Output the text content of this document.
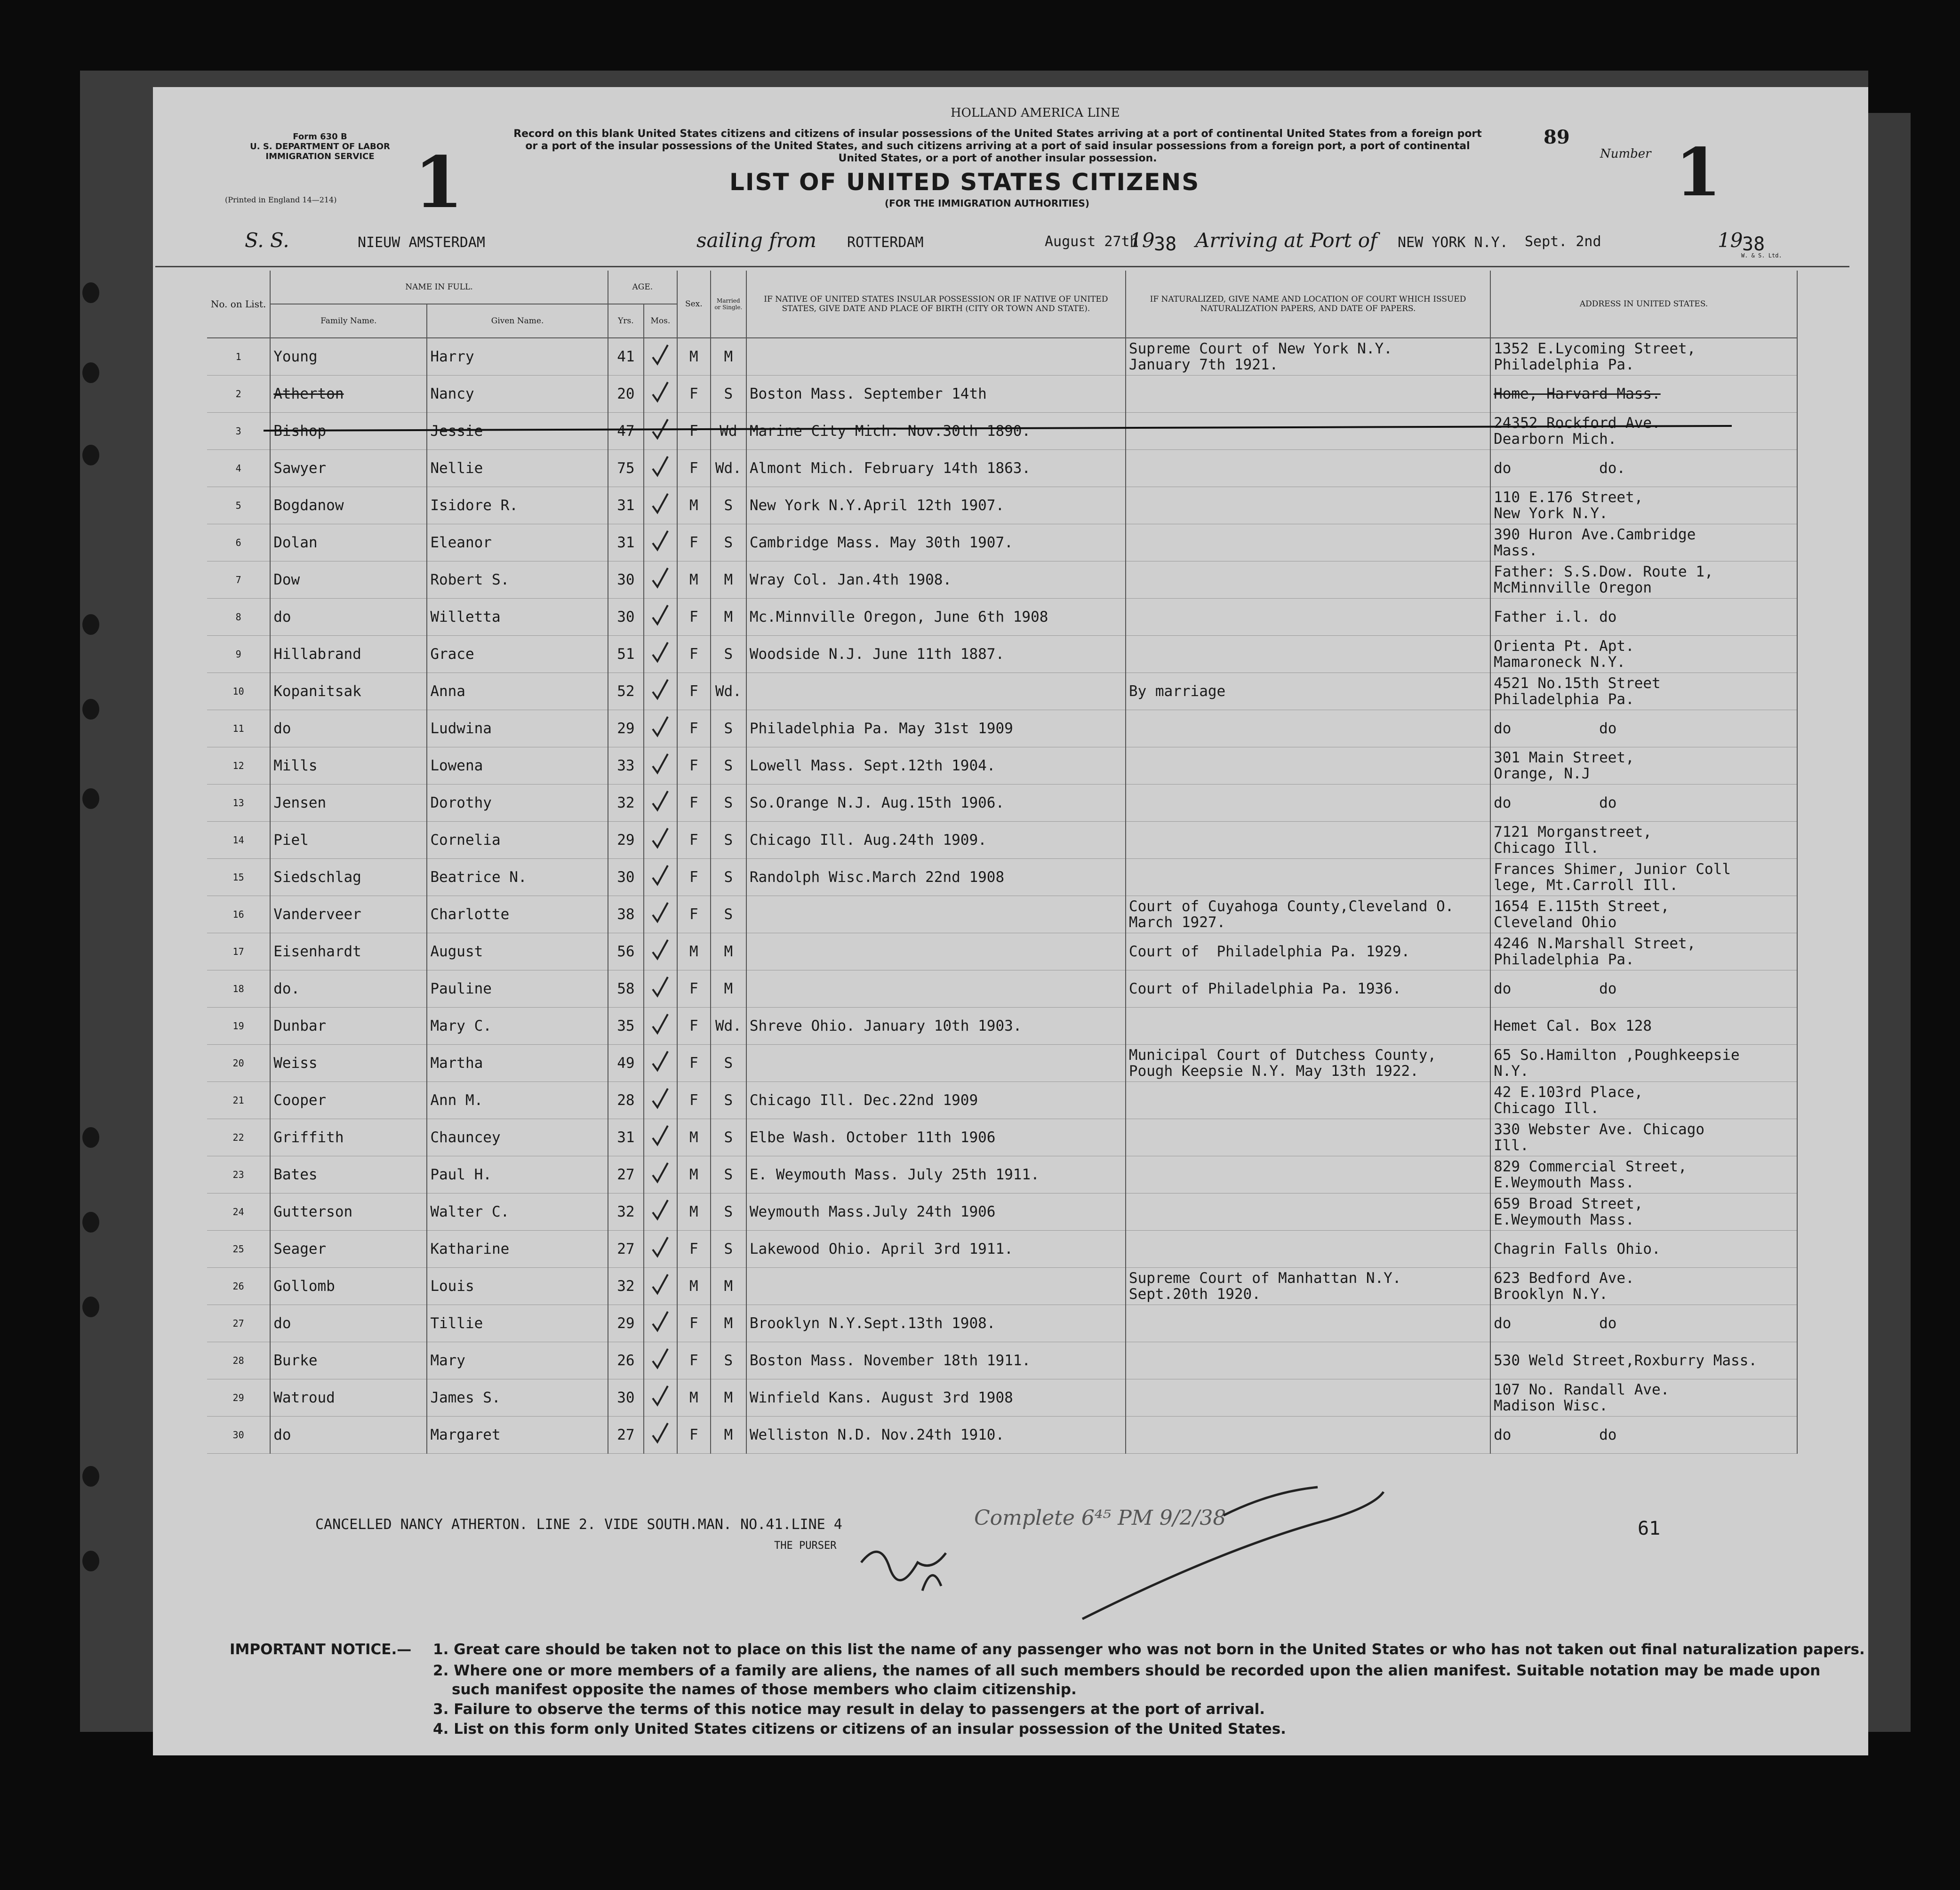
HOLLAND AMERICA LINE
Form 630 B
U. S. DEPARTMENT OF LABOR
IMMIGRATION SERVICE
(Printed in England 14—214) 1
Record on this blank United States citizens and citizens of insular possessions of the United States arriving at a port of continental United States from a foreign port or a port of the insular possessions of the United States, and such citizens arriving at a port of said insular possessions from a foreign port, a port of continental United States, or a port of another insular possession.
LIST OF UNITED STATES CITIZENS
(FOR THE IMMIGRATION AUTHORITIES)
89
Number 1
S. S.	NIEUW AMSTERDAM	sailing from ROTTERDAM	August 27th
19
38 Arriving at Port of NEW YORK N.Y. Sept. 2nd	19
38
W. & S. Ltd.
No. on List.	NAME IN FULL.		AGE.		Sex.	Married or Single.	IF NATIVE OF UNITED STATES INSULAR POSSESSION OR IF NATIVE OF UNITED STATES, GIVE DATE AND PLACE OF BIRTH (CITY OR TOWN AND STATE).	IF NATURALIZED, GIVE NAME AND LOCATION OF COURT WHICH ISSUED NATURALIZATION PAPERS, AND DATE OF PAPERS.	ADDRESS IN UNITED STATES.
	Family Name.	Given Name.	Yrs.	Mos.					
1	Young	Harry	41		M	M		Supreme Court of New York N.Y.
January 7th 1921.	1352 E.Lycoming Street,
Philadelphia Pa.
2	Atherton	Nancy	20		F	S	Boston Mass. September 14th		Home, Harvard Mass.
3	Bishop	Jessie	47		F	Wd	Marine City Mich. Nov.30th 1890.		24352 Rockford Ave.
Dearborn Mich.
4	Sawyer	Nellie	75		F	Wd.	Almont Mich. February 14th 1863.		do          do.
5	Bogdanow	Isidore R.	31		M	S	New York N.Y.April 12th 1907.		110 E.176 Street,
New York N.Y.
6	Dolan	Eleanor	31		F	S	Cambridge Mass. May 30th 1907.		390 Huron Ave.Cambridge
Mass.
7	Dow	Robert S.	30		M	M	Wray Col. Jan.4th 1908.		Father: S.S.Dow. Route 1,
McMinnville Oregon
8	do	Willetta	30		F	M	Mc.Minnville Oregon, June 6th 1908		Father i.l. do
9	Hillabrand	Grace	51		F	S	Woodside N.J. June 11th 1887.		Orienta Pt. Apt.
Mamaroneck N.Y.
10	Kopanitsak	Anna	52		F	Wd.		By marriage	4521 No.15th Street
Philadelphia Pa.
11	do	Ludwina	29		F	S	Philadelphia Pa. May 31st 1909		do          do
12	Mills	Lowena	33		F	S	Lowell Mass. Sept.12th 1904.		301 Main Street,
Orange, N.J
13	Jensen	Dorothy	32		F	S	So.Orange N.J. Aug.15th 1906.		do          do
14	Piel	Cornelia	29		F	S	Chicago Ill. Aug.24th 1909.		7121 Morganstreet,
Chicago Ill.
15	Siedschlag	Beatrice N.	30		F	S	Randolph Wisc.March 22nd 1908		Frances Shimer, Junior Coll
lege, Mt.Carroll Ill.
16	Vanderveer	Charlotte	38		F	S		Court of Cuyahoga County,Cleveland O.
March 1927.	1654 E.115th Street,
Cleveland Ohio
17	Eisenhardt	August	56		M	M		Court of  Philadelphia Pa. 1929.	4246 N.Marshall Street,
Philadelphia Pa.
18	do.	Pauline	58		F	M		Court of Philadelphia Pa. 1936.	do          do
19	Dunbar	Mary C.	35		F	Wd.	Shreve Ohio. January 10th 1903.		Hemet Cal. Box 128
20	Weiss	Martha	49		F	S		Municipal Court of Dutchess County,
Pough Keepsie N.Y. May 13th 1922.	65 So.Hamilton ,Poughkeepsie
N.Y.
21	Cooper	Ann M.	28		F	S	Chicago Ill. Dec.22nd 1909		42 E.103rd Place,
Chicago Ill.
22	Griffith	Chauncey	31		M	S	Elbe Wash. October 11th 1906		330 Webster Ave. Chicago
Ill.
23	Bates	Paul H.	27		M	S	E. Weymouth Mass. July 25th 1911.		829 Commercial Street,
E.Weymouth Mass.
24	Gutterson	Walter C.	32		M	S	Weymouth Mass.July 24th 1906		659 Broad Street,
E.Weymouth Mass.
25	Seager	Katharine	27		F	S	Lakewood Ohio. April 3rd 1911.		Chagrin Falls Ohio.
26	Gollomb	Louis	32		M	M		Supreme Court of Manhattan N.Y.
Sept.20th 1920.	623 Bedford Ave.
Brooklyn N.Y.
27	do	Tillie	29		F	M	Brooklyn N.Y.Sept.13th 1908.		do          do
28	Burke	Mary	26		F	S	Boston Mass. November 18th 1911.		530 Weld Street,Roxburry Mass.
29	Watroud	James S.	30		M	M	Winfield Kans. August 3rd 1908		107 No. Randall Ave.
Madison Wisc.
30	do	Margaret	27		F	M	Welliston N.D. Nov.24th 1910.		do          do
CANCELLED NANCY ATHERTON. LINE 2. VIDE SOUTH.MAN. NO.41.LINE 4
THE PURSER
Complete 6⁴⁵ PM 9/2/38	61
IMPORTANT NOTICE.— 1. Great care should be taken not to place on this list the name of any passenger who was not born in the United States or who has not taken out final naturalization papers.
2. Where one or more members of a family are aliens, the names of all such members should be recorded upon the alien manifest. Suitable notation may be made upon
such manifest opposite the names of those members who claim citizenship.
3. Failure to observe the terms of this notice may result in delay to passengers at the port of arrival.
4. List on this form only United States citizens or citizens of an insular possession of the United States.
